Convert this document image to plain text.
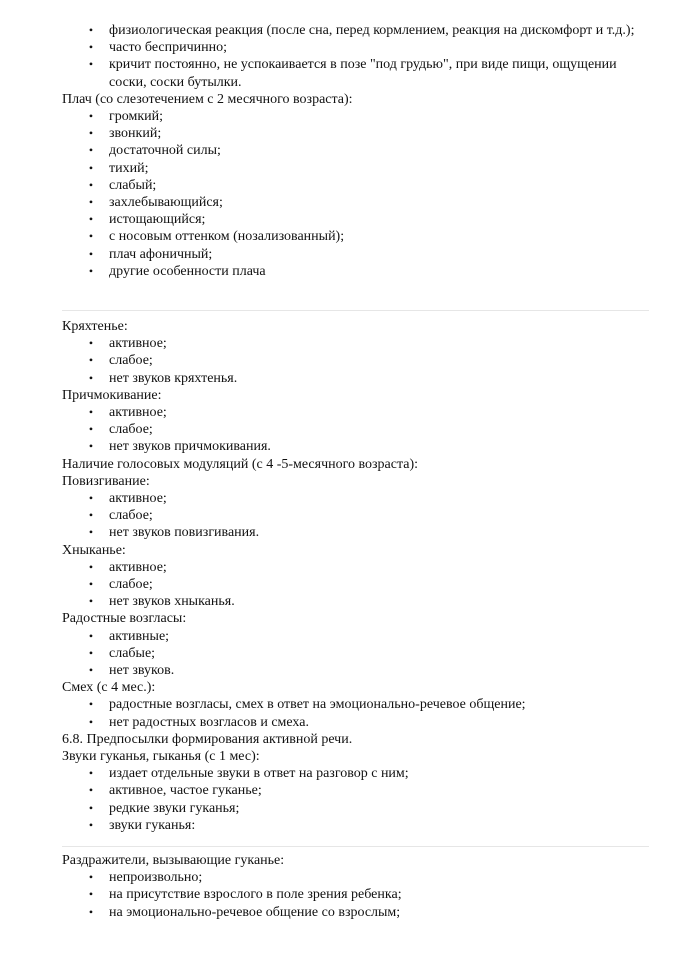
• физиологическая реакция (после сна, перед кормлением, реакция на дискомфорт и т.д.);
• часто беспричинно;
• кричит постоянно, не успокаивается в позе "под грудью", при виде пищи, ощущении соски, соски бутылки.

Плач (со слезотечением с 2 месячного возраста):

• громкий;
• звонкий;
• достаточной силы;
• тихий;
• слабый;
• захлебывающийся;
• истощающийся;
• с носовым оттенком (нозализованный);
• плач афоничный;
• другие особенности плача

Кряхтенье:

• активное;
• слабое;
• нет звуков кряхтенья.

Причмокивание:

• активное;
• слабое;
• нет звуков причмокивания.

Наличие голосовых модуляций (с 4 -5-месячного возраста):

Повизгивание:

• активное;
• слабое;
• нет звуков повизгивания.

Хныканье:

• активное;
• слабое;
• нет звуков хныканья.

Радостные возгласы:

• активные;
• слабые;
• нет звуков.

Смех (с 4 мес.):

• радостные возгласы, смех в ответ на эмоционально-речевое общение;
• нет радостных возгласов и смеха.

6.8. Предпосылки формирования активной речи.

Звуки гуканья, гыканья (с 1 мес):

• издает отдельные звуки в ответ на разговор с ним;
• активное, частое гуканье;
• редкие звуки гуканья;
• звуки гуканья:

Раздражители, вызывающие гуканье:

• непроизвольно;
• на присутствие взрослого в поле зрения ребенка;
• на эмоционально-речевое общение со взрослым;
